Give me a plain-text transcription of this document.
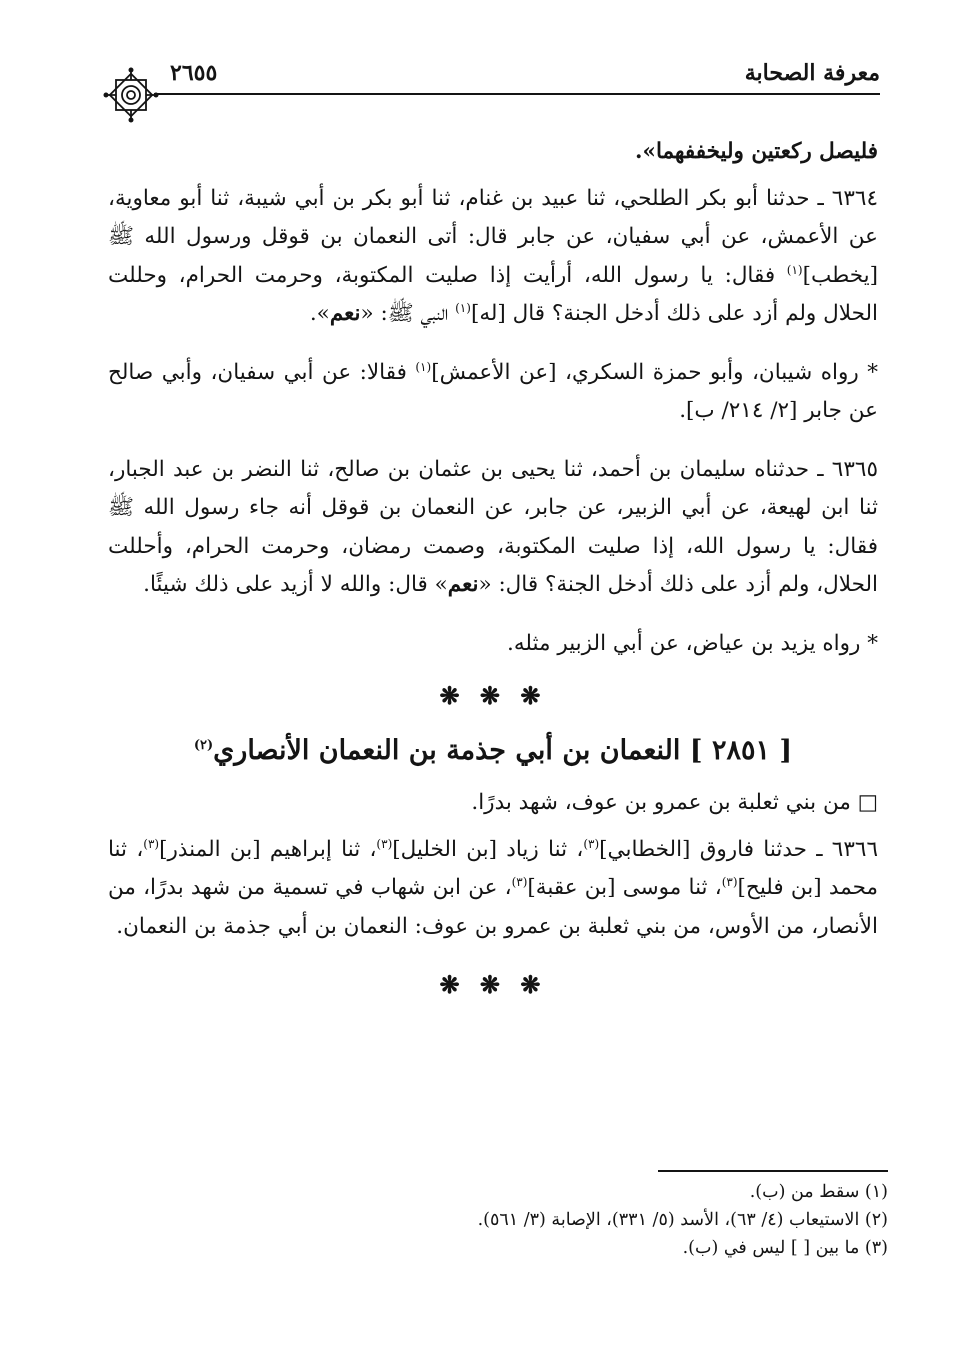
٢٦٥٥	معرفة الصحابة

فليصل ركعتين وليخففهما».

٦٣٦٤ ـ حدثنا أبو بكر الطلحي، ثنا عبيد بن غنام، ثنا أبو بكر بن أبي شيبة، ثنا أبو معاوية، عن الأعمش، عن أبي سفيان، عن جابر قال: أتى النعمان بن قوقل ورسول الله ﷺ [يخطب]$^{(١)}$ فقال: يا رسول الله، أرأيت إذا صليت المكتوبة، وحرمت الحرام، وحللت الحلال ولم أزد على ذلك أدخل الجنة؟ قال [له]$^{(١)}$ النبي ﷺ: «نعم».

* رواه شيبان، وأبو حمزة السكري، [عن الأعمش]$^{(١)}$ فقالا: عن أبي سفيان، وأبي صالح عن جابر [٢/ ٢١٤/ ب].

٦٣٦٥ ـ حدثناه سليمان بن أحمد، ثنا يحيى بن عثمان بن صالح، ثنا النضر بن عبد الجبار، ثنا ابن لهيعة، عن أبي الزبير، عن جابر، عن النعمان بن قوقل أنه جاء رسول الله ﷺ فقال: يا رسول الله، إذا صليت المكتوبة، وصمت رمضان، وحرمت الحرام، وأحللت الحلال، ولم أزد على ذلك أدخل الجنة؟ قال: «نعم» قال: والله لا أزيد على ذلك شيئًا.

* رواه يزيد بن عياض، عن أبي الزبير مثله.

❋ ❋ ❋
[ ٢٨٥١ ] النعمان بن أبي جذمة بن النعمان الأنصاري$^{(٢)}$

□ من بني ثعلبة بن عمرو بن عوف، شهد بدرًا.

٦٣٦٦ ـ حدثنا فاروق [الخطابي]$^{(٣)}$، ثنا زياد [بن الخليل]$^{(٣)}$، ثنا إبراهيم [بن المنذر]$^{(٣)}$، ثنا محمد [بن فليح]$^{(٣)}$، ثنا موسى [بن عقبة]$^{(٣)}$، عن ابن شهاب في تسمية من شهد بدرًا، من الأنصار، من الأوس، من بني ثعلبة بن عمرو بن عوف: النعمان بن أبي جذمة بن النعمان.

❋ ❋ ❋
(١) سقط من (ب).
(٢) الاستيعاب (٤/ ٦٣)، الأسد (٥/ ٣٣١)، الإصابة (٣/ ٥٦١).
(٣) ما بين [ ] ليس في (ب).
